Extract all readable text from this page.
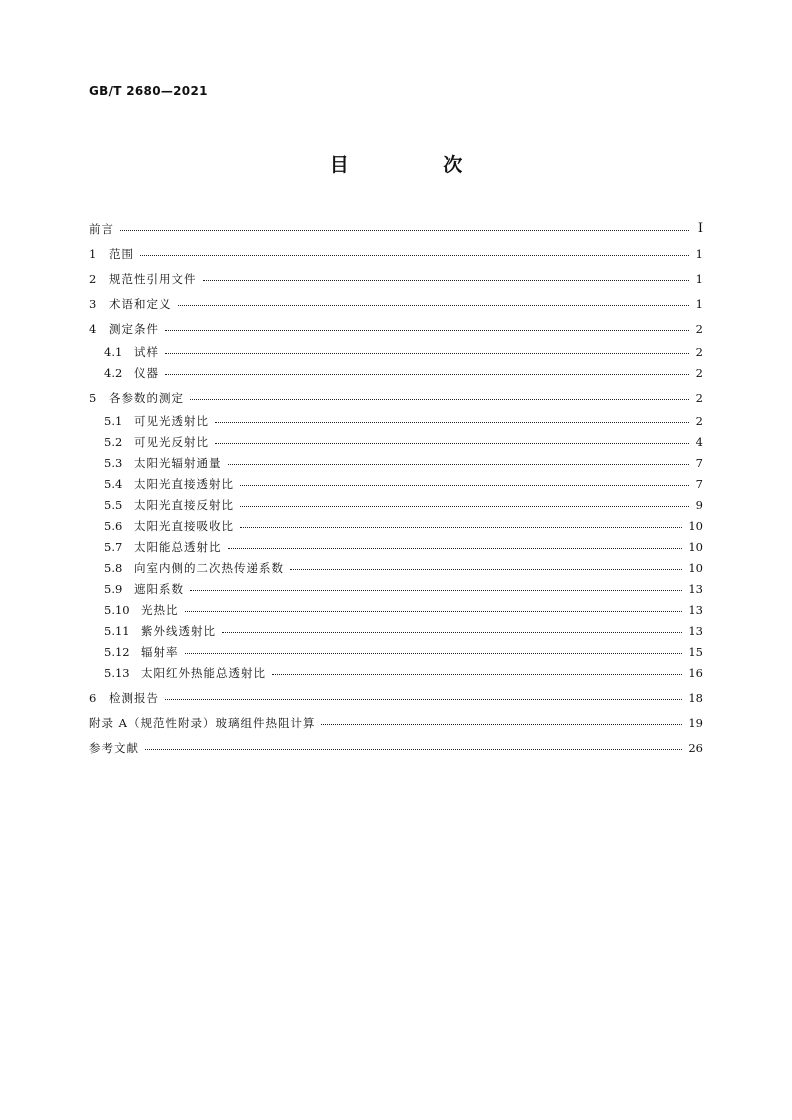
GB/T 2680—2021
目 次
前言	I
1	范围	1
2	规范性引用文件	1
3	术语和定义	1
4	测定条件	2
4.1	试样	2
4.2	仪器	2
5	各参数的测定	2
5.1	可见光透射比	2
5.2	可见光反射比	4
5.3	太阳光辐射通量	7
5.4	太阳光直接透射比	7
5.5	太阳光直接反射比	9
5.6	太阳光直接吸收比	10
5.7	太阳能总透射比	10
5.8	向室内侧的二次热传递系数	10
5.9	遮阳系数	13
5.10 光热比	13
5.11 紫外线透射比	13
5.12 辐射率	15
5.13 太阳红外热能总透射比	16
6	检测报告	18
附录 A（规范性附录）玻璃组件热阻计算	19
参考文献	26
